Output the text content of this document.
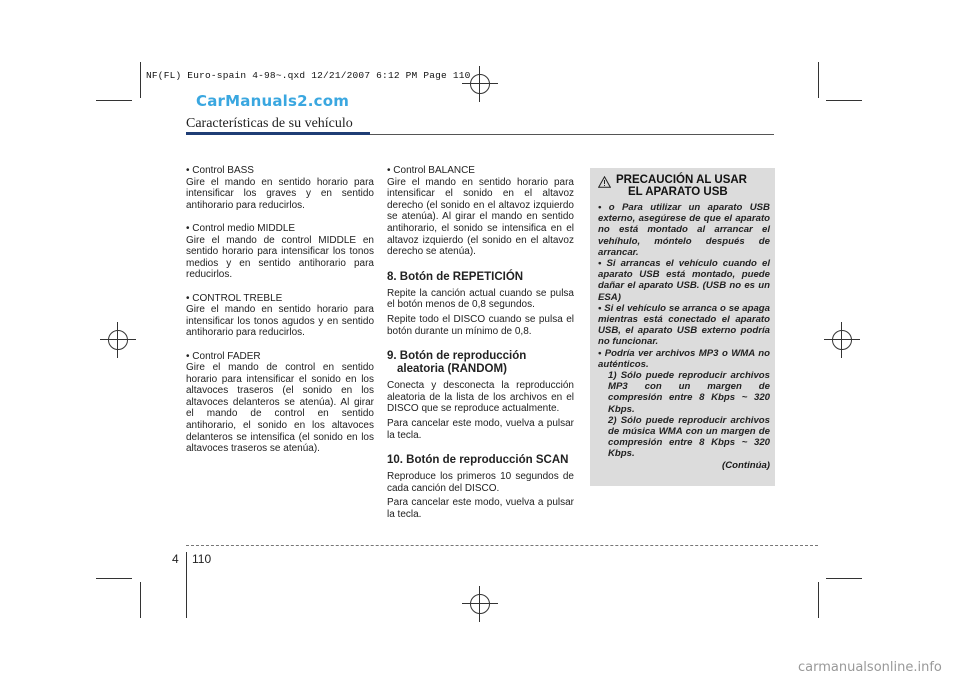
NF(FL) Euro-spain 4-98~.qxd 12/21/2007 6:12 PM Page 110
CarManuals2.com
Características de su vehículo

• Control BASS

Gire el mando en sentido horario para intensificar los graves y en sentido antihorario para reducirlos.

• Control medio MIDDLE

Gire el mando de control MIDDLE en sentido horario para intensificar los tonos medios y en sentido antihorario para reducirlos.

• CONTROL TREBLE

Gire el mando en sentido horario para intensificar los tonos agudos y en sentido antihorario para reducirlos.

• Control FADER

Gire el mando de control en sentido horario para intensificar el sonido en los altavoces traseros (el sonido en los altavoces delanteros se atenúa). Al girar el mando de control en sentido antihorario, el sonido en los altavoces delanteros se intensifica (el sonido en los altavoces traseros se atenúa).

• Control BALANCE

Gire el mando en sentido horario para intensificar el sonido en el altavoz derecho (el sonido en el altavoz izquierdo se atenúa). Al girar el mando en sentido antihorario, el sonido se intensifica en el altavoz izquierdo (el sonido en el altavoz derecho se atenúa).

8. Botón de REPETICIÓN

Repite la canción actual cuando se pulsa el botón menos de 0,8 segundos.

Repite todo el DISCO cuando se pulsa el botón durante un mínimo de 0,8.

9. Botón de reproducción
aleatoria (RANDOM)

Conecta y desconecta la reproducción aleatoria de la lista de los archivos en el DISCO que se reproduce actualmente.

Para cancelar este modo, vuelva a pulsar la tecla.

10. Botón de reproducción SCAN

Reproduce los primeros 10 segundos de cada canción del DISCO.

Para cancelar este modo, vuelva a pulsar la tecla.

PRECAUCIÓN AL USAR
EL APARATO USB
• o Para utilizar un aparato USB externo, asegúrese de que el aparato no está montado al arrancar el vehíhulo, móntelo después de arrancar.
• Si arrancas el vehículo cuando el aparato USB está montado, puede dañar el aparato USB. (USB no es un ESA)
• Si el vehículo se arranca o se apaga mientras está conectado el aparato USB, el aparato USB externo podría no funcionar.
• Podría ver archivos MP3 o WMA no auténticos.
1) Sólo puede reproducir archivos MP3 con un margen de compresión entre 8 Kbps ~ 320 Kbps.
2) Sólo puede reproducir archivos de música WMA con un margen de compresión entre 8 Kbps ~ 320 Kbps.
(Continúa)
4 110
carmanualsonline.info
